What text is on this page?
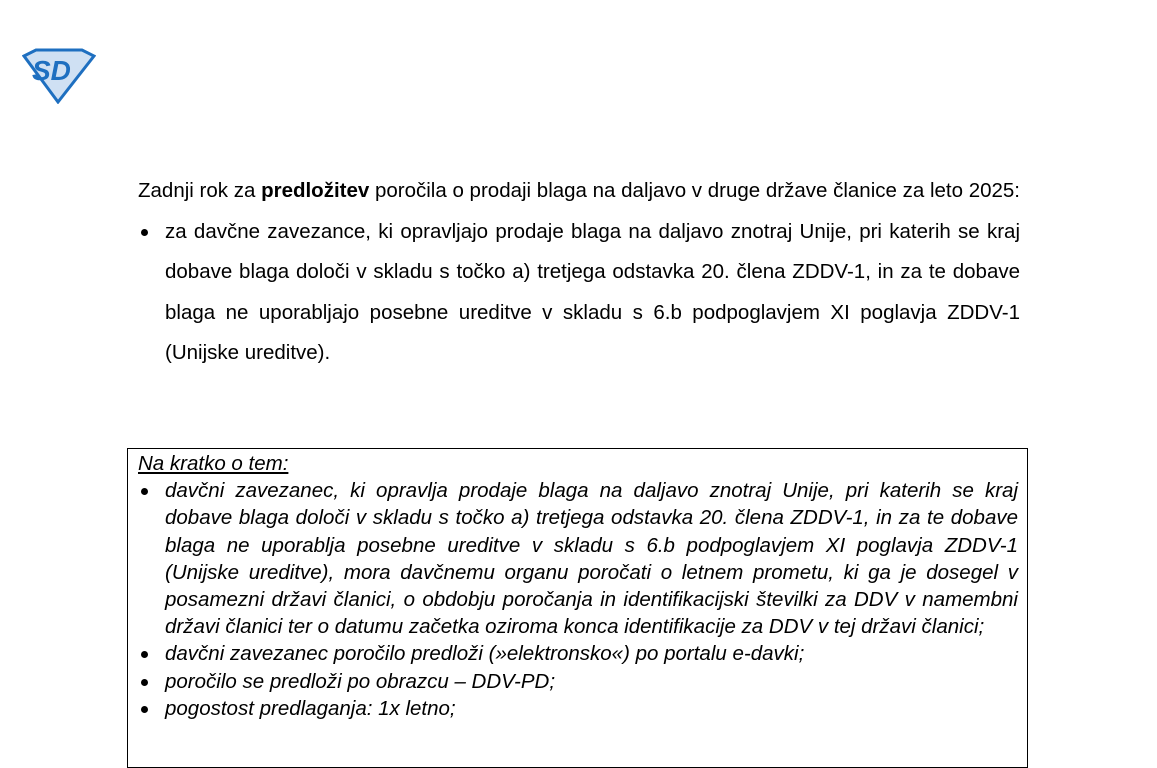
SD

Zadnji rok za predložitev poročila o prodaji blaga na daljavo v druge države članice za leto 2025:

za davčne zavezance, ki opravljajo prodaje blaga na daljavo znotraj Unije, pri katerih se kraj dobave blaga določi v skladu s točko a) tretjega odstavka 20. člena ZDDV-1, in za te dobave blaga ne uporabljajo posebne ureditve v skladu s 6.b podpoglavjem XI poglavja ZDDV-1 (Unijske ureditve).
Na kratko o tem:
davčni zavezanec, ki opravlja prodaje blaga na daljavo znotraj Unije, pri katerih se kraj dobave blaga določi v skladu s točko a) tretjega odstavka 20. člena ZDDV-1, in za te dobave blaga ne uporablja posebne ureditve v skladu s 6.b podpoglavjem XI poglavja ZDDV-1 (Unijske ureditve), mora davčnemu organu poročati o letnem prometu, ki ga je dosegel v posamezni državi članici, o obdobju poročanja in identifikacijski številki za DDV v namembni državi članici ter o datumu začetka oziroma konca identifikacije za DDV v tej državi članici;
davčni zavezanec poročilo predloži (»elektronsko«) po portalu e-davki;
poročilo se predloži po obrazcu – DDV-PD;
pogostost predlaganja: 1x letno;
